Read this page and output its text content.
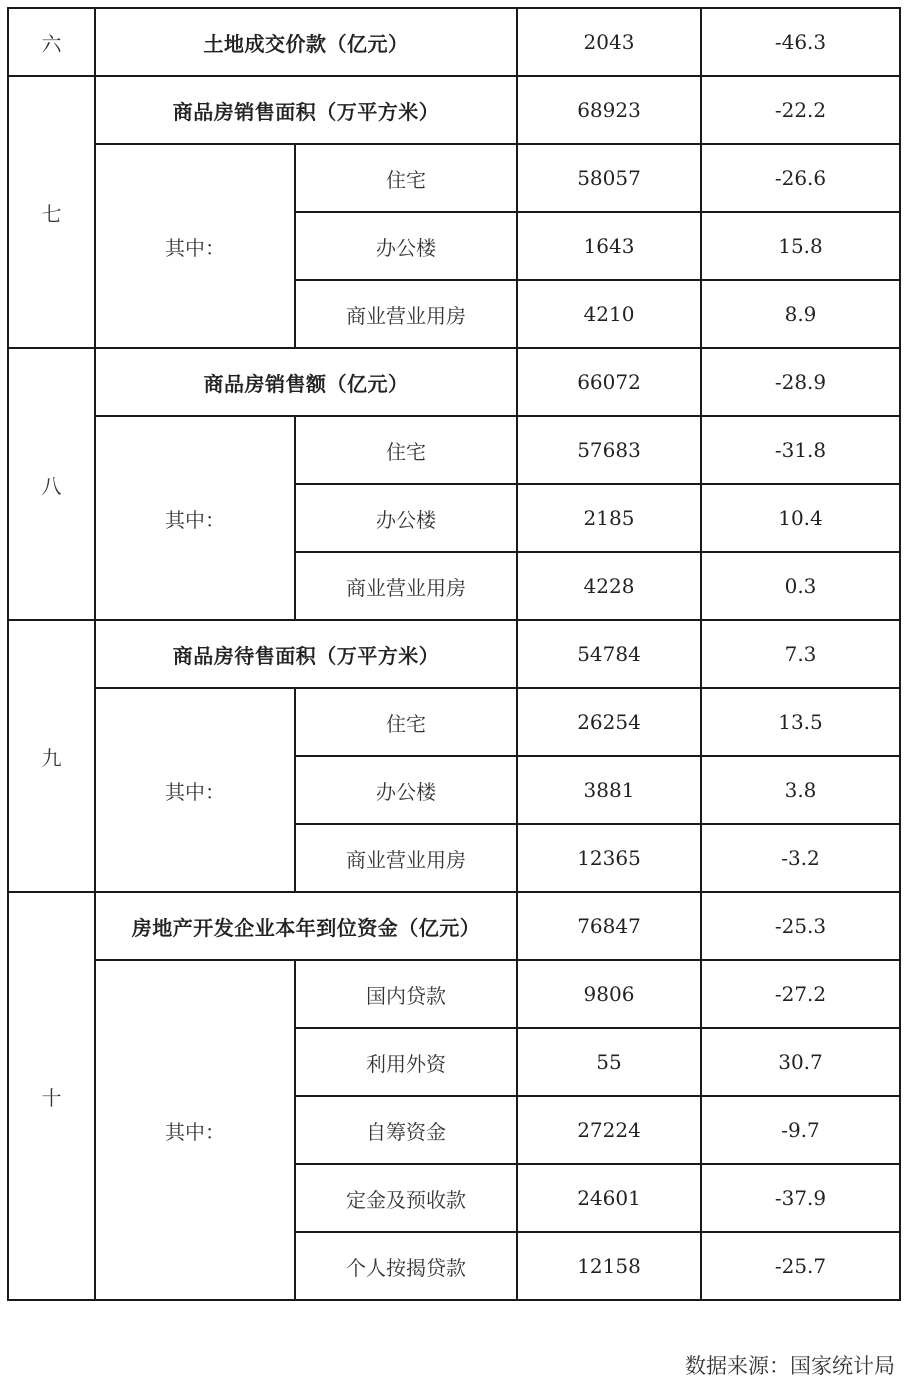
六	土地成交价款（亿元）		2043	-46.3
七	商品房销售面积（万平方米）		68923	-22.2
	其中：	住宅	58057	-26.6
		办公楼	1643	15.8
		商业营业用房	4210	8.9
八	商品房销售额（亿元）		66072	-28.9
	其中：	住宅	57683	-31.8
		办公楼	2185	10.4
		商业营业用房	4228	0.3
九	商品房待售面积（万平方米）		54784	7.3
	其中：	住宅	26254	13.5
		办公楼	3881	3.8
		商业营业用房	12365	-3.2
十	房地产开发企业本年到位资金（亿元）		76847	-25.3
	其中：	国内贷款	9806	-27.2
		利用外资	55	30.7
		自筹资金	27224	-9.7
		定金及预收款	24601	-37.9
		个人按揭贷款	12158	-25.7
数据来源：国家统计局
